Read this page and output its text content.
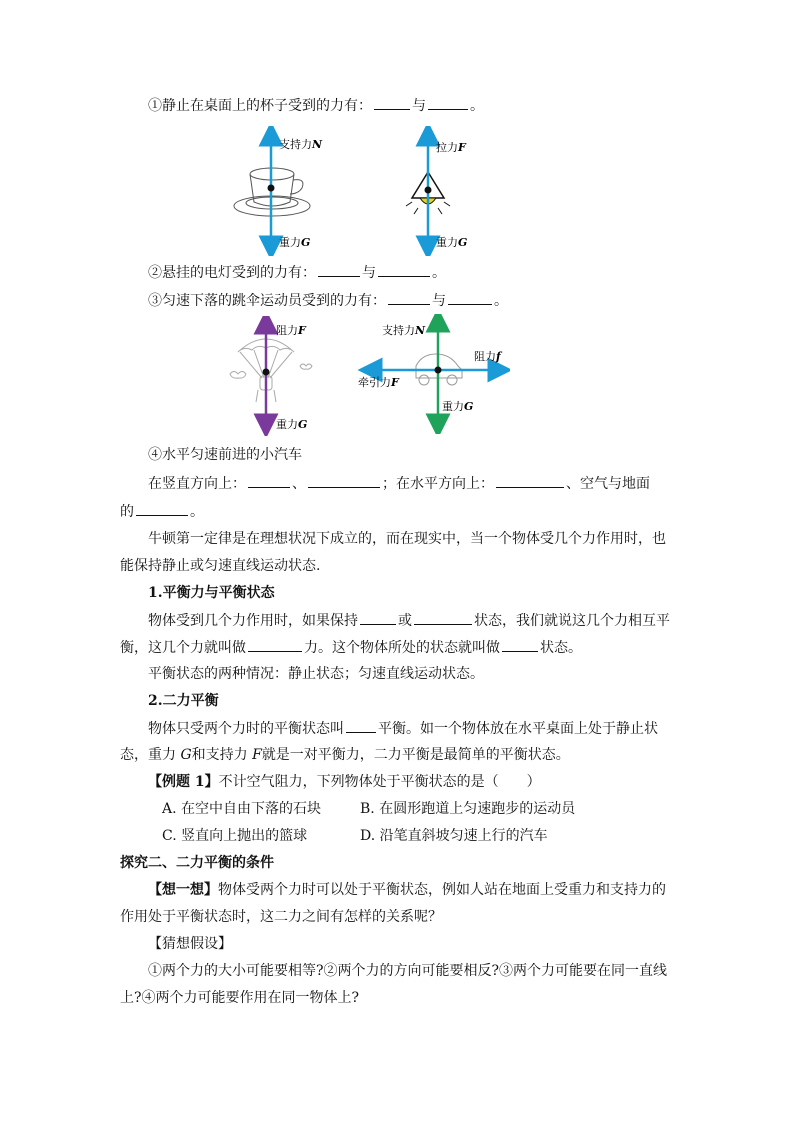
①静止在桌面上的杯子受到的力有：	与	。
支持力N
重力G
拉力F
重力G
②悬挂的电灯受到的力有：	与	。
③匀速下落的跳伞运动员受到的力有：	与	。
阻力F
重力G
支持力N
阻力f
牵引力F
重力G
④水平匀速前进的小汽车
在竖直方向上：	、	；在水平方向上：	、空气与地面
的	。
牛顿第一定律是在理想状况下成立的，而在现实中，当一个物体受几个力作用时，也
能保持静止或匀速直线运动状态.
1.平衡力与平衡状态
物体受到几个力作用时，如果保持	或	状态，我们就说这几个力相互平
衡，这几个力就叫做	力。这个物体所处的状态就叫做	状态。
平衡状态的两种情况：静止状态；匀速直线运动状态。
2.二力平衡
物体只受两个力时的平衡状态叫 平衡。如一个物体放在水平桌面上处于静止状
态，重力 G和支持力 F就是一对平衡力，二力平衡是最简单的平衡状态。
【例题 1】不计空气阻力，下列物体处于平衡状态的是（　　）
A. 在空中自由下落的石块	B. 在圆形跑道上匀速跑步的运动员
C. 竖直向上抛出的篮球	D. 沿笔直斜坡匀速上行的汽车
探究二、二力平衡的条件
【想一想】物体受两个力时可以处于平衡状态，例如人站在地面上受重力和支持力的
作用处于平衡状态时，这二力之间有怎样的关系呢？
【猜想假设】
①两个力的大小可能要相等?②两个力的方向可能要相反?③两个力可能要在同一直线
上?④两个力可能要作用在同一物体上?
